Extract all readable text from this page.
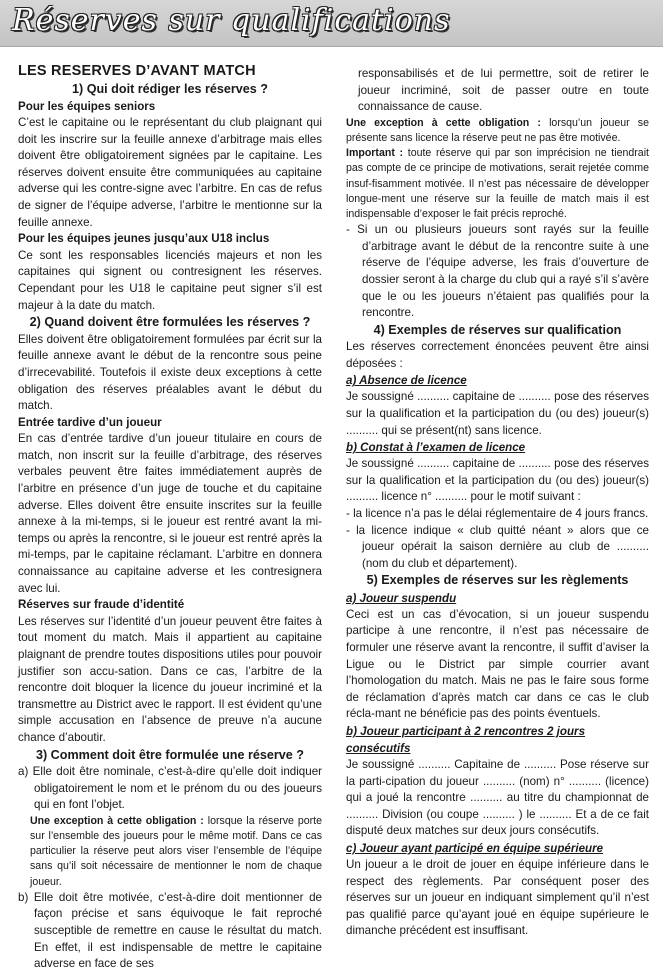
Réserves sur qualifications

LES RESERVES D’AVANT MATCH

1) Qui doit rédiger les réserves ?

Pour les équipes seniors

C’est le capitaine ou le représentant du club plaignant qui doit les inscrire sur la feuille annexe d’arbitrage mais elles doivent être obligatoirement signées par le capitaine. Les réserves doivent ensuite être communiquées au capitaine adverse qui les contre-signe avec l’arbitre. En cas de refus de signer de l’équipe adverse, l’arbitre le mentionne sur la feuille annexe.

Pour les équipes jeunes jusqu’aux U18 inclus

Ce sont les responsables licenciés majeurs et non les capitaines qui signent ou contresignent les réserves. Cependant pour les U18 le capitaine peut signer s’il est majeur à la date du match.

2) Quand doivent être formulées les réserves ?

Elles doivent être obligatoirement formulées par écrit sur la feuille annexe avant le début de la rencontre sous peine d’irrecevabilité. Toutefois il existe deux exceptions à cette obligation des réserves préalables avant le début du match.

Entrée tardive d’un joueur

En cas d’entrée tardive d’un joueur titulaire en cours de match, non inscrit sur la feuille d’arbitrage, des réserves verbales peuvent être faites immédiatement auprès de l’arbitre en présence d’un juge de touche et du capitaine adverse. Elles doivent être ensuite inscrites sur la feuille annexe à la mi-temps, si le joueur est rentré avant la mi-temps ou après la rencontre, si le joueur est rentré après la mi-temps, par le capitaine réclamant. L’arbitre en donnera connaissance au capitaine adverse et les contresignera avec lui.

Réserves sur fraude d’identité

Les réserves sur l’identité d’un joueur peuvent être faites à tout moment du match. Mais il appartient au capitaine plaignant de prendre toutes dispositions utiles pour pouvoir justifier son accu-sation. Dans ce cas, l’arbitre de la rencontre doit bloquer la licence du joueur incriminé et la transmettre au District avec le rapport. Il est évident qu’une simple accusation en l’absence de preuve n’a aucune chance d’aboutir.

3) Comment doit être formulée une réserve ?

a) Elle doit être nominale, c’est-à-dire qu’elle doit indiquer obligatoirement le nom et le prénom du ou des joueurs qui en font l’objet.

Une exception à cette obligation : lorsque la réserve porte sur l’ensemble des joueurs pour le même motif. Dans ce cas particulier la réserve peut alors viser l’ensemble de l’équipe sans qu’il soit nécessaire de mentionner le nom de chaque joueur.

b) Elle doit être motivée, c’est-à-dire doit mentionner de façon précise et sans équivoque le fait reproché susceptible de remettre en cause le résultat du match. En effet, il est indispensable de mettre le capitaine adverse en face de ses

responsabilisés et de lui permettre, soit de retirer le joueur incriminé, soit de passer outre en toute connaissance de cause.

Une exception à cette obligation : lorsqu’un joueur se présente sans licence la réserve peut ne pas être motivée.

Important : toute réserve qui par son imprécision ne tiendrait pas compte de ce principe de motivations, serait rejetée comme insuf-fisamment motivée. Il n’est pas nécessaire de développer longue-ment une réserve sur la feuille de match mais il est indispensable d’exposer le fait précis reproché.

- Si un ou plusieurs joueurs sont rayés sur la feuille d’arbitrage avant le début de la rencontre suite à une réserve de l’équipe adverse, les frais d’ouverture de dossier seront à la charge du club qui a rayé s’il s’avère que le ou les joueurs n’étaient pas qualifiés pour la rencontre.

4) Exemples de réserves sur qualification

Les réserves correctement énoncées peuvent être ainsi déposées :

a) Absence de licence

Je soussigné .......... capitaine de .......... pose des réserves sur la qualification et la participation du (ou des) joueur(s) .......... qui se présent(nt) sans licence.

b) Constat à l’examen de licence

Je soussigné .......... capitaine de .......... pose des réserves sur la qualification et la participation du (ou des) joueur(s) .......... licence n° .......... pour le motif suivant :

- la licence n’a pas le délai réglementaire de 4 jours francs.

- la licence indique « club quitté néant » alors que ce joueur opérait la saison dernière au club de .......... (nom du club et département).

5) Exemples de réserves sur les règlements

a) Joueur suspendu

Ceci est un cas d’évocation, si un joueur suspendu participe à une rencontre, il n’est pas nécessaire de formuler une réserve avant la rencontre, il suffit d’aviser la Ligue ou le District par simple courrier avant l’homologation du match. Mais ne pas le faire sous forme de réclamation d’après match car dans ce cas le club récla-mant ne bénéficie pas des points éventuels.

b) Joueur participant à 2 rencontres 2 jours consécutifs

Je soussigné .......... Capitaine de .......... Pose réserve sur la parti-cipation du joueur .......... (nom) n° .......... (licence) qui a joué la rencontre .......... au titre du championnat de .......... Division (ou coupe .......... ) le .......... Et a de ce fait disputé deux matches sur deux jours consécutifs.

c) Joueur ayant participé en équipe supérieure

Un joueur a le droit de jouer en équipe inférieure dans le respect des règlements. Par conséquent poser des réserves sur un joueur en indiquant simplement qu’il n’est pas qualifié parce qu’ayant joué en équipe supérieure le dimanche précédent est insuffisant.
